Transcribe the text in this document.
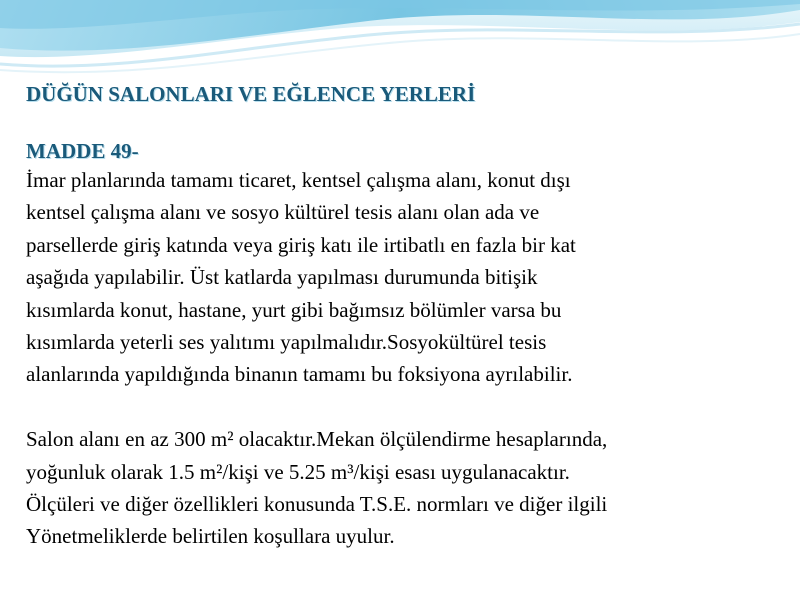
DÜĞÜN SALONLARI VE EĞLENCE YERLERİ

MADDE 49-

İmar planlarında tamamı ticaret, kentsel çalışma alanı, konut dışı

kentsel çalışma alanı ve sosyo kültürel tesis alanı olan ada ve

parsellerde giriş katında veya giriş katı ile irtibatlı en fazla bir kat

aşağıda yapılabilir. Üst katlarda yapılması durumunda bitişik

kısımlarda konut, hastane, yurt gibi bağımsız bölümler varsa bu

kısımlarda yeterli ses yalıtımı yapılmalıdır.Sosyokültürel tesis

alanlarında yapıldığında binanın tamamı bu foksiyona ayrılabilir.

Salon alanı en az 300 m² olacaktır.Mekan ölçülendirme hesaplarında,

yoğunluk olarak 1.5 m²/kişi ve 5.25 m³/kişi esası uygulanacaktır.

Ölçüleri ve diğer özellikleri konusunda T.S.E. normları ve diğer ilgili

Yönetmeliklerde belirtilen koşullara uyulur.
